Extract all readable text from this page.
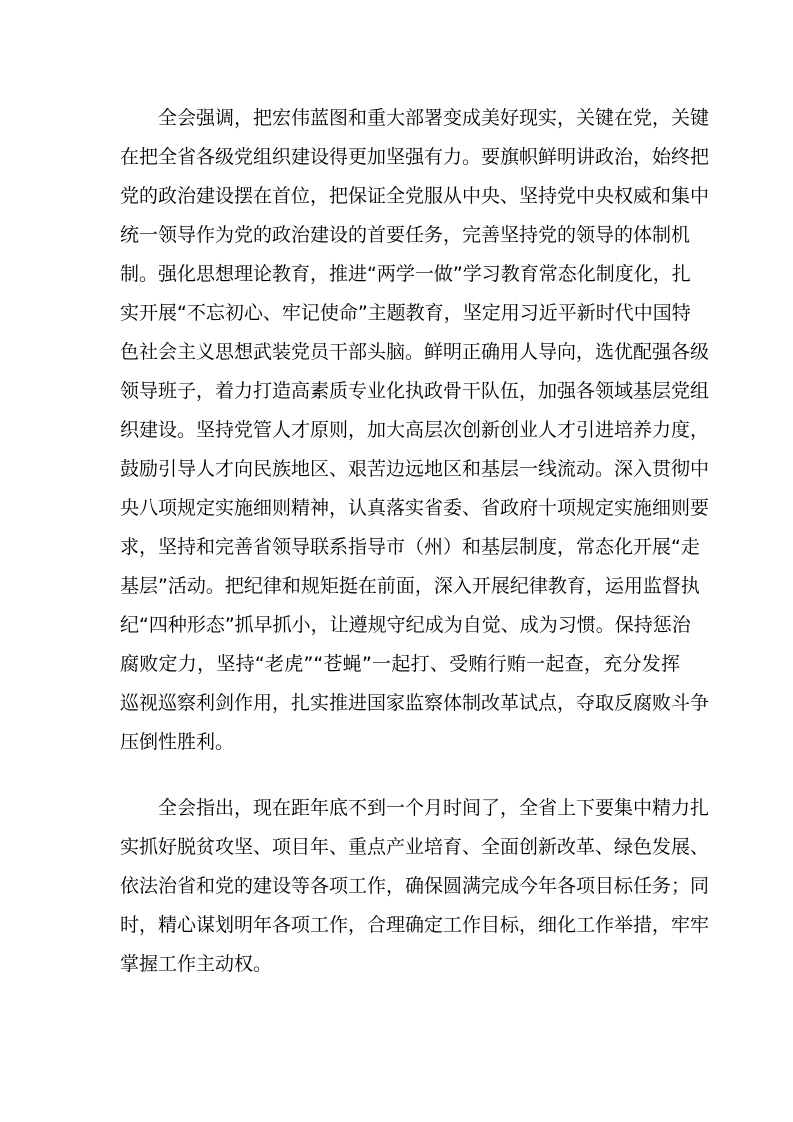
全会强调，把宏伟蓝图和重大部署变成美好现实，关键在党，关键
在把全省各级党组织建设得更加坚强有力。要旗帜鲜明讲政治，始终把
党的政治建设摆在首位，把保证全党服从中央、坚持党中央权威和集中
统一领导作为党的政治建设的首要任务，完善坚持党的领导的体制机
制。强化思想理论教育，推进“两学一做”学习教育常态化制度化，扎
实开展“不忘初心、牢记使命”主题教育，坚定用习近平新时代中国特
色社会主义思想武装党员干部头脑。鲜明正确用人导向，选优配强各级
领导班子，着力打造高素质专业化执政骨干队伍，加强各领域基层党组
织建设。坚持党管人才原则，加大高层次创新创业人才引进培养力度，
鼓励引导人才向民族地区、艰苦边远地区和基层一线流动。深入贯彻中
央八项规定实施细则精神，认真落实省委、省政府十项规定实施细则要
求，坚持和完善省领导联系指导市（州）和基层制度，常态化开展“走
基层”活动。把纪律和规矩挺在前面，深入开展纪律教育，运用监督执
纪“四种形态”抓早抓小，让遵规守纪成为自觉、成为习惯。保持惩治
腐败定力，坚持“老虎”“苍蝇”一起打、受贿行贿一起查，充分发挥
巡视巡察利剑作用，扎实推进国家监察体制改革试点，夺取反腐败斗争
压倒性胜利。
全会指出，现在距年底不到一个月时间了，全省上下要集中精力扎
实抓好脱贫攻坚、项目年、重点产业培育、全面创新改革、绿色发展、
依法治省和党的建设等各项工作，确保圆满完成今年各项目标任务；同
时，精心谋划明年各项工作，合理确定工作目标，细化工作举措，牢牢
掌握工作主动权。
